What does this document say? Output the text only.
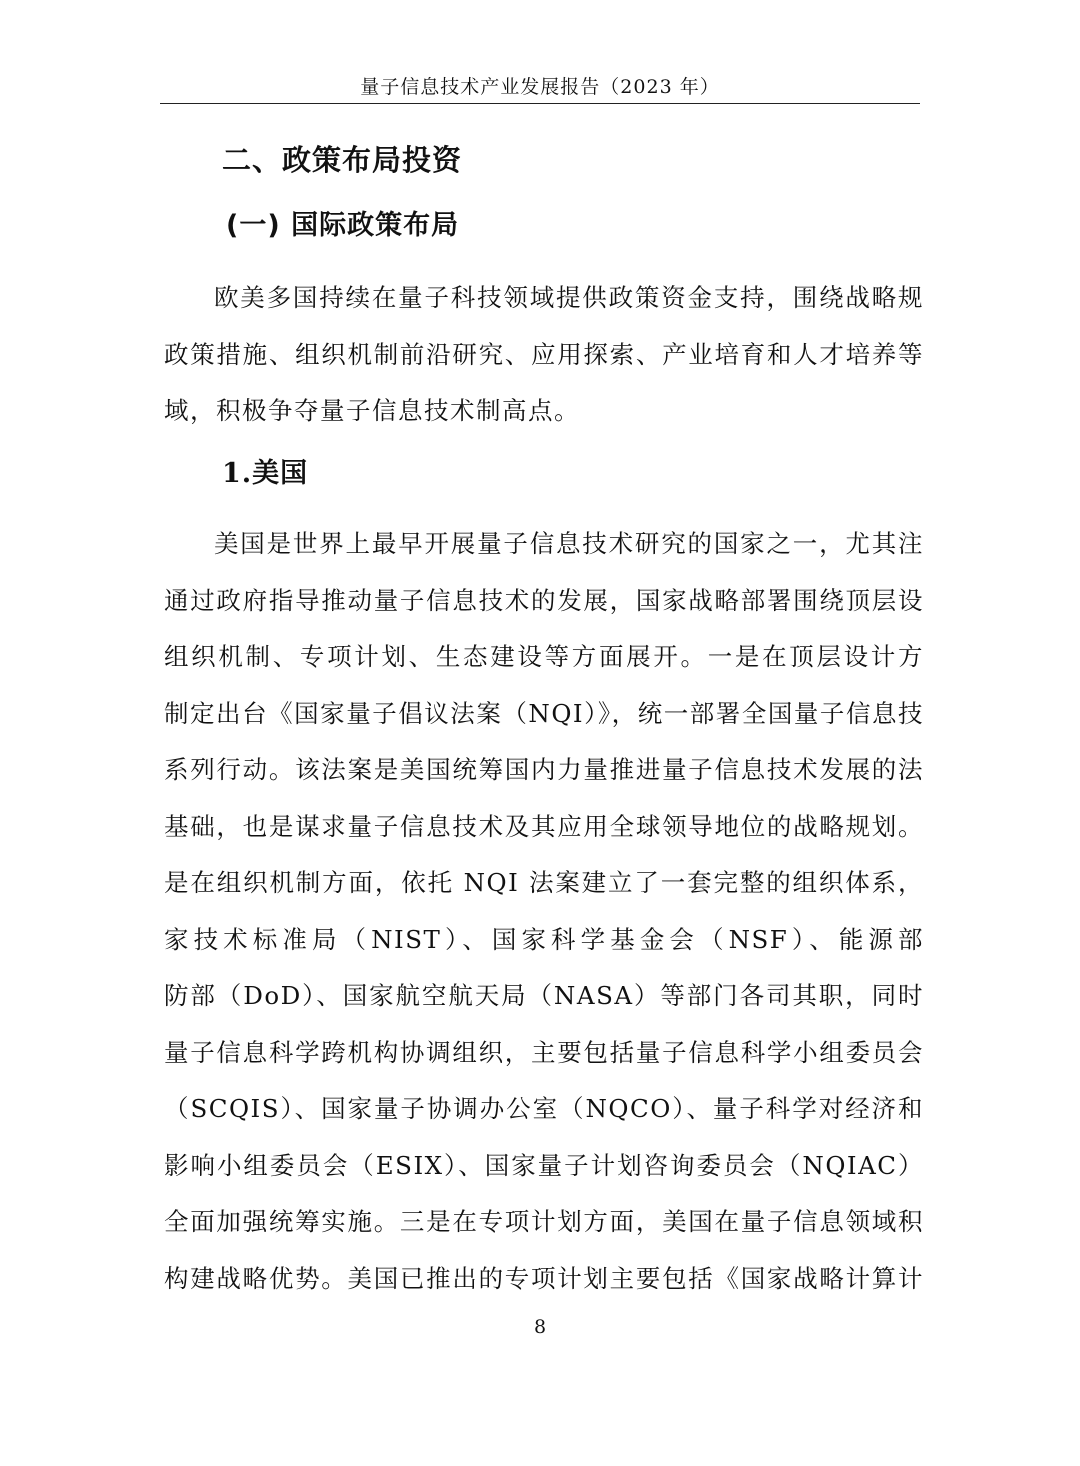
量子信息技术产业发展报告（2023 年）
二、政策布局投资
(一) 国际政策布局
欧美多国持续在量子科技领域提供政策资金支持，围绕战略规
政策措施、组织机制前沿研究、应用探索、产业培育和人才培养等
域，积极争夺量子信息技术制高点。
1.美国
美国是世界上最早开展量子信息技术研究的国家之一，尤其注
通过政府指导推动量子信息技术的发展，国家战略部署围绕顶层设
组织机制、专项计划、生态建设等方面展开。一是在顶层设计方
制定出台《国家量子倡议法案（NQI）》，统一部署全国量子信息技
系列行动。该法案是美国统筹国内力量推进量子信息技术发展的法
基础，也是谋求量子信息技术及其应用全球领导地位的战略规划。
是在组织机制方面，依托 NQI 法案建立了一套完整的组织体系，
家技术标准局（NIST）、国家科学基金会（NSF）、能源部
防部（DoD）、国家航空航天局（NASA）等部门各司其职，同时
量子信息科学跨机构协调组织，主要包括量子信息科学小组委员会
（SCQIS）、国家量子协调办公室（NQCO）、量子科学对经济和
影响小组委员会（ESIX）、国家量子计划咨询委员会（NQIAC）
全面加强统筹实施。三是在专项计划方面，美国在量子信息领域积
构建战略优势。美国已推出的专项计划主要包括《国家战略计算计
8
